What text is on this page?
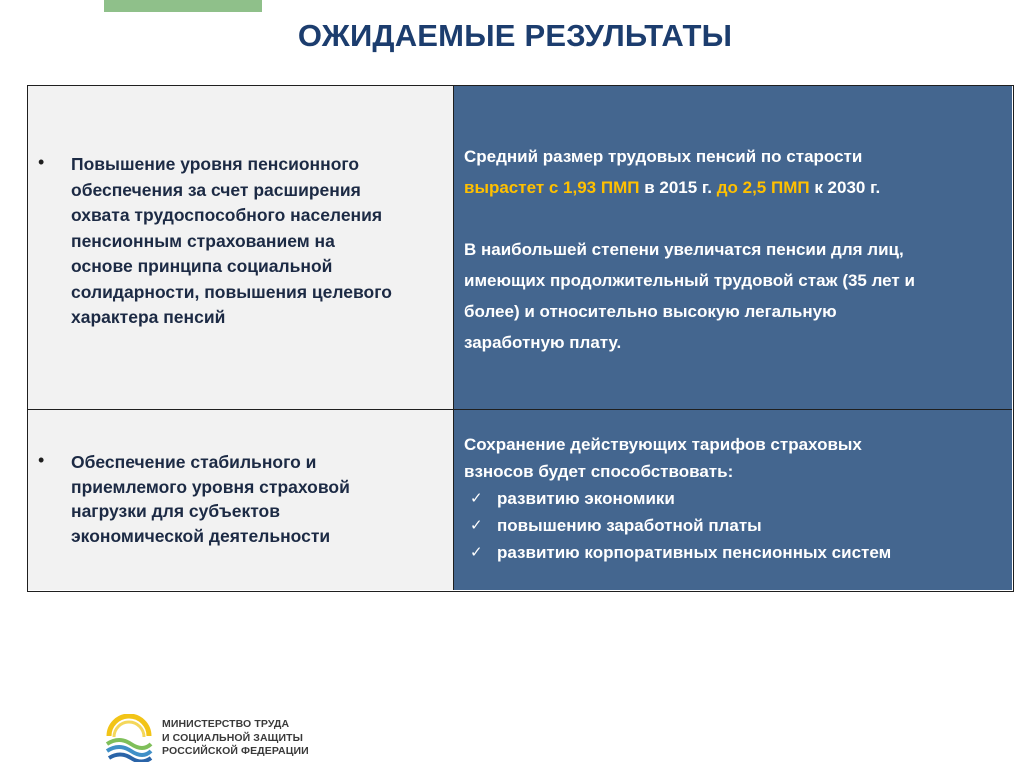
ОЖИДАЕМЫЕ РЕЗУЛЬТАТЫ
• Повышение уровня пенсионного
обеспечения за счет расширения
охвата трудоспособного населения
пенсионным страхованием на
основе принципа социальной
солидарности, повышения целевого
характера пенсий
Средний размер трудовых пенсий по старости
вырастет с 1,93 ПМП в 2015 г. до 2,5 ПМП к 2030 г.
В наибольшей степени увеличатся пенсии для лиц,
имеющих продолжительный трудовой стаж (35 лет и
более) и относительно высокую легальную
заработную плату.
• Обеспечение стабильного и
приемлемого уровня страховой
нагрузки для субъектов
экономической деятельности
Сохранение действующих тарифов страховых
взносов будет способствовать:
✓ развитию экономики
✓ повышению заработной платы
✓ развитию корпоративных пенсионных систем
МИНИСТЕРСТВО ТРУДА
И СОЦИАЛЬНОЙ ЗАЩИТЫ
РОССИЙСКОЙ ФЕДЕРАЦИИ
